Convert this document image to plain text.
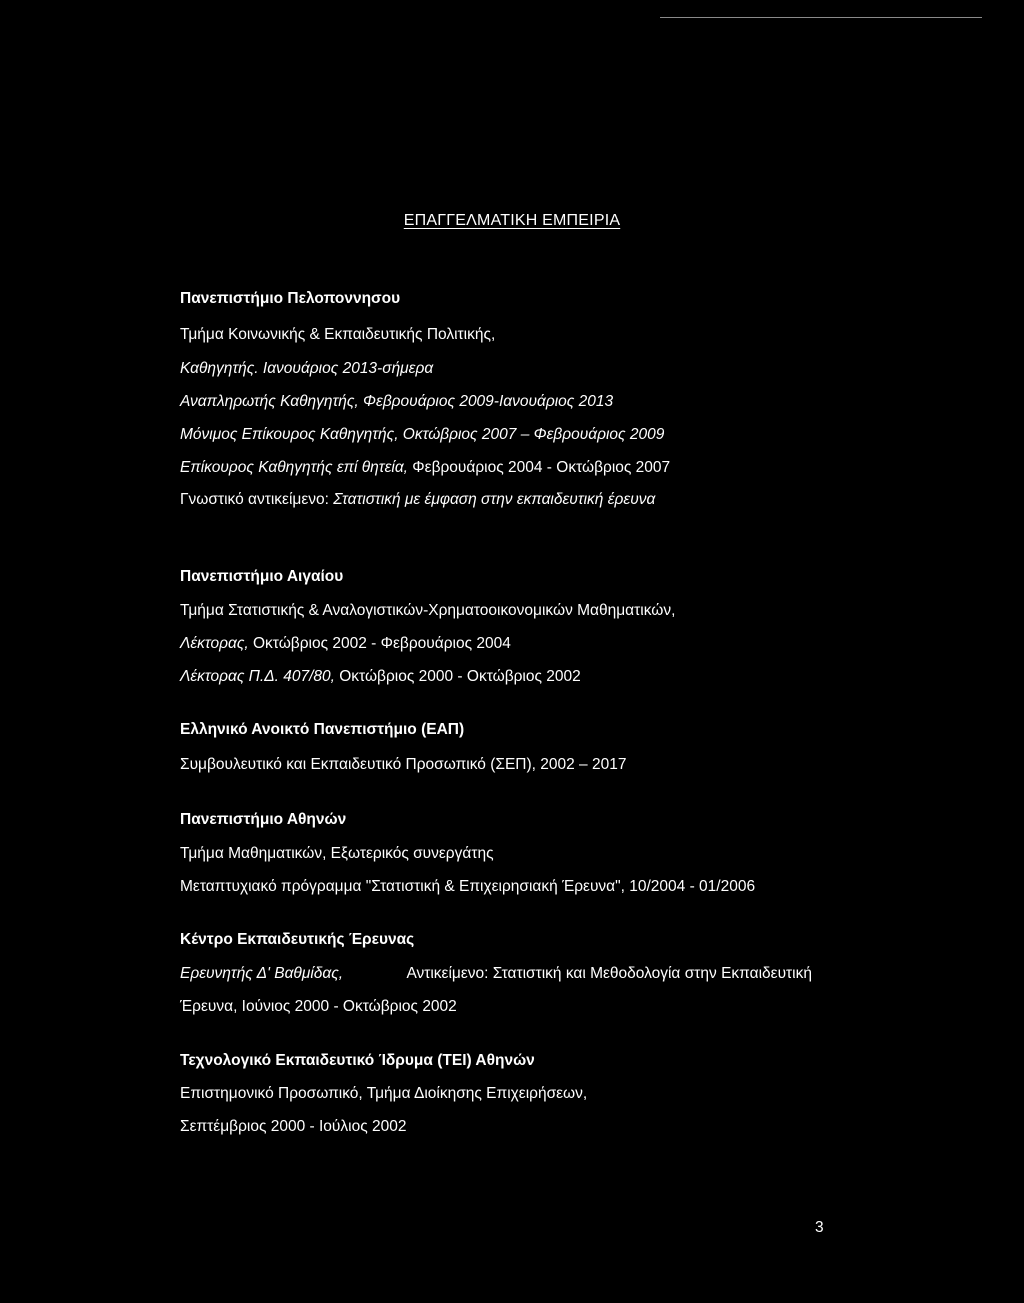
ΕΠΑΓΓΕΛΜΑΤΙΚΗ ΕΜΠΕΙΡΙΑ
Πανεπιστήμιο Πελοποννησου
Τμήμα Κοινωνικής & Εκπαιδευτικής Πολιτικής,
Καθηγητής. Ιανουάριος 2013-σήμερα
Αναπληρωτής Καθηγητής, Φεβρουάριος 2009-Ιανουάριος 2013
Μόνιμος Επίκουρος Καθηγητής, Οκτώβριος 2007 – Φεβρουάριος 2009
Επίκουρος Καθηγητής επί θητεία, Φεβρουάριος 2004 - Οκτώβριος 2007
Γνωστικό αντικείμενο: Στατιστική με έμφαση στην εκπαιδευτική έρευνα
Πανεπιστήμιο Αιγαίου
Τμήμα Στατιστικής & Αναλογιστικών-Χρηματοοικονομικών Μαθηματικών,
Λέκτορας, Οκτώβριος 2002 - Φεβρουάριος 2004
Λέκτορας Π.Δ. 407/80, Οκτώβριος 2000 - Οκτώβριος 2002
Ελληνικό Ανοικτό Πανεπιστήμιο (ΕΑΠ)
Συμβουλευτικό και Εκπαιδευτικό Προσωπικό (ΣΕΠ), 2002 – 2017
Πανεπιστήμιο Αθηνών
Τμήμα Μαθηματικών, Εξωτερικός συνεργάτης
Μεταπτυχιακό πρόγραμμα "Στατιστική & Επιχειρησιακή Έρευνα", 10/2004 - 01/2006
Κέντρο Εκπαιδευτικής Έρευνας
Ερευνητής Δ' Βαθμίδας,	Αντικείμενο: Στατιστική και Μεθοδολογία στην Εκπαιδευτική
Έρευνα, Ιούνιος 2000 - Οκτώβριος 2002
Τεχνολογικό Εκπαιδευτικό Ίδρυμα (ΤΕΙ) Αθηνών
Επιστημονικό Προσωπικό, Τμήμα Διοίκησης Επιχειρήσεων,
Σεπτέμβριος 2000 - Ιούλιος 2002
3
